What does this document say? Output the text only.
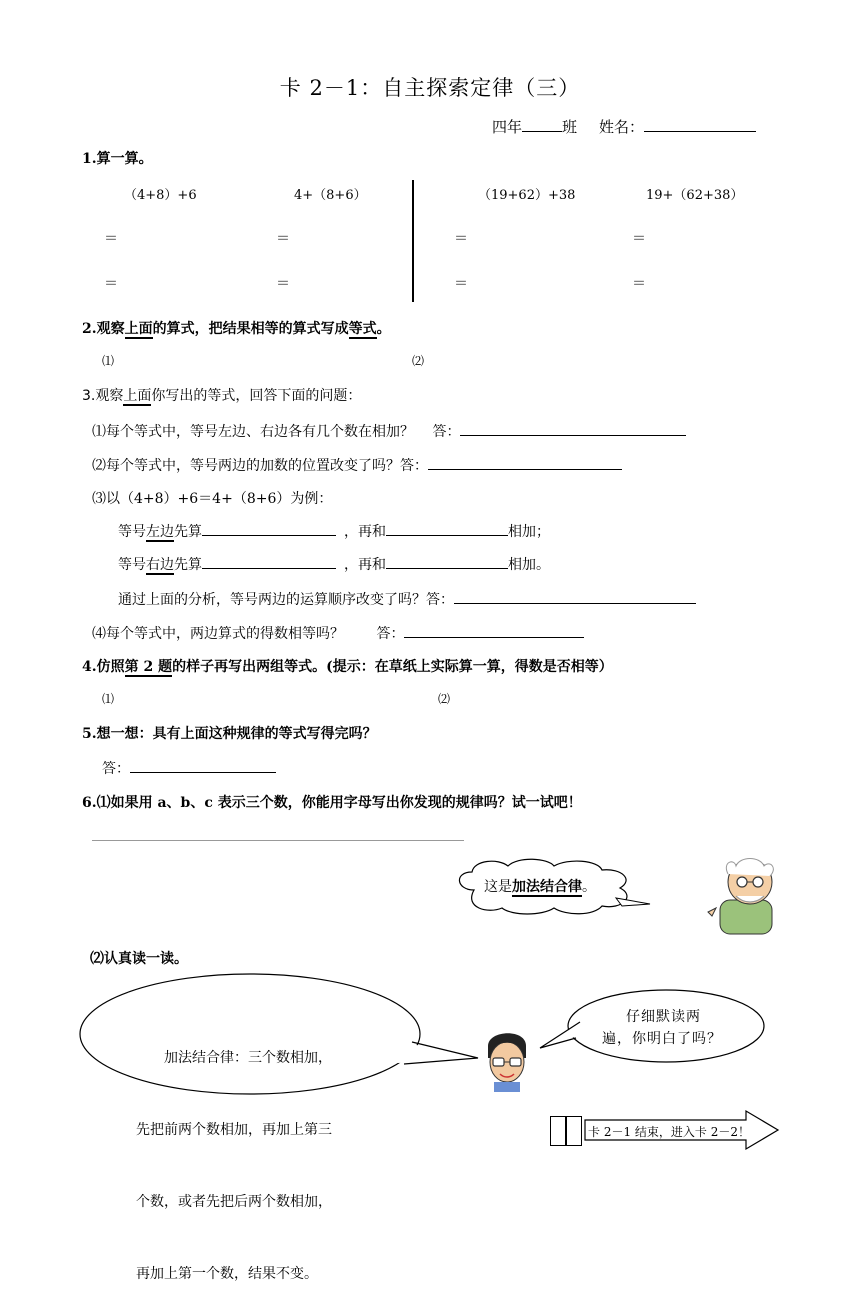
卡 2－1：自主探索定律（三）
四年	班 姓名：
1.算一算。
（4+8）+6	4+（8+6）	（19+62）+38	19+（62+38）
＝	＝	＝	＝
＝	＝	＝	＝
2.观察上面的算式，把结果相等的算式写成等式。
⑴	⑵
3.观察上面你写出的等式，回答下面的问题：
⑴每个等式中，等号左边、右边各有几个数在相加？　 答：
⑵每个等式中，等号两边的加数的位置改变了吗？答：
⑶以（4+8）+6＝4+（8+6）为例：
等号左边先算	，再和	相加；
等号右边先算	，再和	相加。
通过上面的分析，等号两边的运算顺序改变了吗？答：
⑷每个等式中，两边算式的得数相等吗？　　 答：
4.仿照第 2 题的样子再写出两组等式。(提示：在草纸上实际算一算，得数是否相等）
⑴	⑵
5.想一想：具有上面这种规律的等式写得完吗？
答：
6.⑴如果用 a、b、c 表示三个数，你能用字母写出你发现的规律吗？试一试吧！
这是加法结合律。
⑵认真读一读。

　　加法结合律：三个数相加，

先把前两个数相加，再加上第三

个数，或者先把后两个数相加，

再加上第一个数，结果不变。

仔细默读两
遍，你明白了吗？
卡 2－1 结束，进入卡 2－2！
